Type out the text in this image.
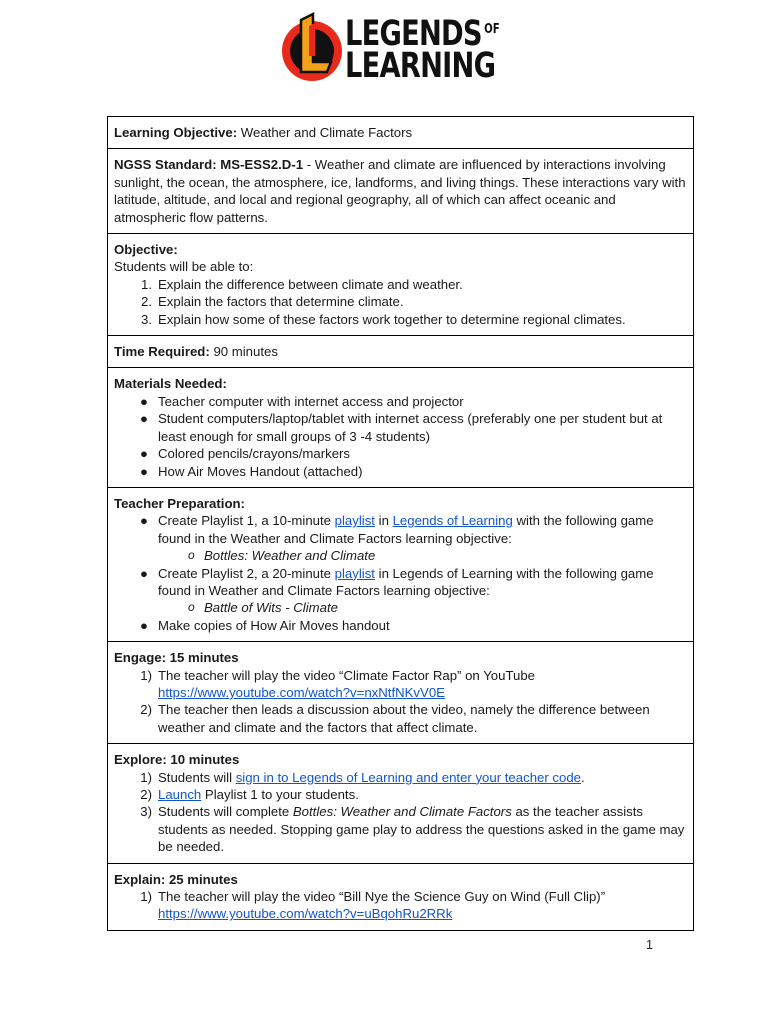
LEGENDS $^{OF}$
LEARNING
Learning Objective: Weather and Climate Factors
NGSS Standard: MS-ESS2.D-1 - Weather and climate are influenced by interactions involving sunlight, the ocean, the atmosphere, ice, landforms, and living things. These interactions vary with latitude, altitude, and local and regional geography, all of which can affect oceanic and atmospheric flow patterns.

Objective:
Students will be able to:
1. Explain the difference between climate and weather.
2. Explain the factors that determine climate.
3. Explain how some of these factors work together to determine regional climates.

Time Required: 90 minutes

Materials Needed:
● Teacher computer with internet access and projector
● Student computers/laptop/tablet with internet access (preferably one per student but at least enough for small groups of 3 -4 students)
● Colored pencils/crayons/markers
● How Air Moves Handout (attached)

Teacher Preparation:
● Create Playlist 1, a 10-minute playlist in Legends of Learning with the following game found in the Weather and Climate Factors learning objective:
o Bottles: Weather and Climate
● Create Playlist 2, a 20-minute playlist in Legends of Learning with the following game found in Weather and Climate Factors learning objective:
o Battle of Wits - Climate
● Make copies of How Air Moves handout

Engage: 15 minutes
1) The teacher will play the video “Climate Factor Rap” on YouTube
https://www.youtube.com/watch?v=nxNtfNKvV0E
2) The teacher then leads a discussion about the video, namely the difference between weather and climate and the factors that affect climate.

Explore: 10 minutes
1) Students will sign in to Legends of Learning and enter your teacher code.
2) Launch Playlist 1 to your students.
3) Students will complete Bottles: Weather and Climate Factors as the teacher assists students as needed. Stopping game play to address the questions asked in the game may be needed.

Explain: 25 minutes
1) The teacher will play the video “Bill Nye the Science Guy on Wind (Full Clip)”
https://www.youtube.com/watch?v=uBqohRu2RRk
1
